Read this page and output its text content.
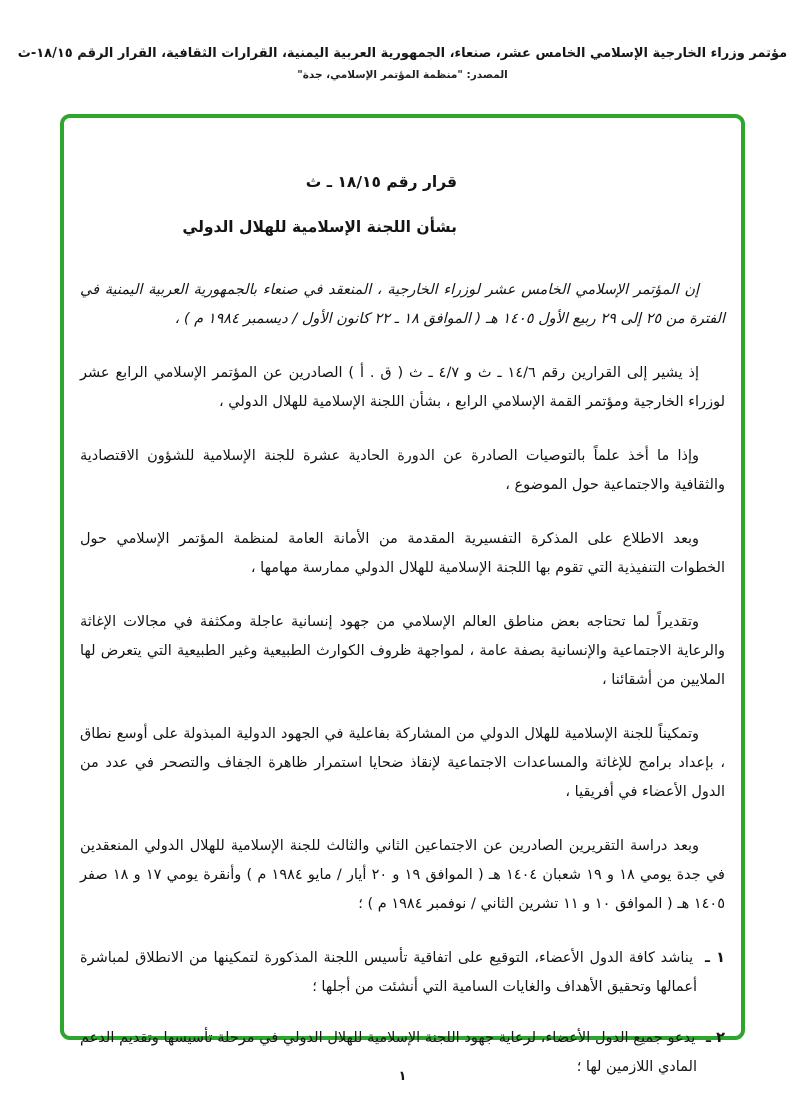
مؤتمر وزراء الخارجية الإسلامي الخامس عشر، صنعاء، الجمهورية العربية اليمنية، القرارات الثقافية، القرار الرقم ١٨/١٥-ث
المصدر: "منظمة المؤتمر الإسلامي، جدة"
قرار رقم ١٨/١٥ ـ ث
بشأن اللجنة الإسلامية للهلال الدولي

إن المؤتمر الإسلامي الخامس عشر لوزراء الخارجية ، المنعقد في صنعاء بالجمهورية العربية اليمنية في الفترة من ٢٥ إلى ٢٩ ربيع الأول ١٤٠٥ هـ ( الموافق ١٨ ـ ٢٢ كانون الأول / ديسمبر ١٩٨٤ م ) ،

إذ يشير إلى القرارين رقم ١٤/٦ ـ ث و ٤/٧ ـ ث ( ق . أ ) الصادرين عن المؤتمر الإسلامي الرابع عشر لوزراء الخارجية ومؤتمر القمة الإسلامي الرابع ، بشأن اللجنة الإسلامية للهلال الدولي ،

وإذا ما أخذ علماً بالتوصيات الصادرة عن الدورة الحادية عشرة للجنة الإسلامية للشؤون الاقتصادية والثقافية والاجتماعية حول الموضوع ،

وبعد الاطلاع على المذكرة التفسيرية المقدمة من الأمانة العامة لمنظمة المؤتمر الإسلامي حول الخطوات التنفيذية التي تقوم بها اللجنة الإسلامية للهلال الدولي ممارسة مهامها ،

وتقديراً لما تحتاجه بعض مناطق العالم الإسلامي من جهود إنسانية عاجلة ومكثفة في مجالات الإغاثة والرعاية الاجتماعية والإنسانية بصفة عامة ، لمواجهة ظروف الكوارث الطبيعية وغير الطبيعية التي يتعرض لها الملايين من أشقائنا ،

وتمكيناً للجنة الإسلامية للهلال الدولي من المشاركة بفاعلية في الجهود الدولية المبذولة على أوسع نطاق ، بإعداد برامج للإغاثة والمساعدات الاجتماعية لإنقاذ ضحايا استمرار ظاهرة الجفاف والتصحر في عدد من الدول الأعضاء في أفريقيا ،

وبعد دراسة التقريرين الصادرين عن الاجتماعين الثاني والثالث للجنة الإسلامية للهلال الدولي المنعقدين في جدة يومي ١٨ و ١٩ شعبان ١٤٠٤ هـ ( الموافق ١٩ و ٢٠ أيار / مايو ١٩٨٤ م ) وأنقرة يومي ١٧ و ١٨ صفر ١٤٠٥ هـ ( الموافق ١٠ و ١١ تشرين الثاني / نوفمبر ١٩٨٤ م ) ؛

١ ـ يناشد كافة الدول الأعضاء، التوقيع على اتفاقية تأسيس اللجنة المذكورة لتمكينها من الانطلاق لمباشرة أعمالها وتحقيق الأهداف والغايات السامية التي أنشئت من أجلها ؛

٢ ـ يدعو جميع الدول الأعضاء، لرعاية جهود اللجنة الإسلامية للهلال الدولي في مرحلة تأسيسها وتقديم الدعم المادي اللازمين لها ؛

١
